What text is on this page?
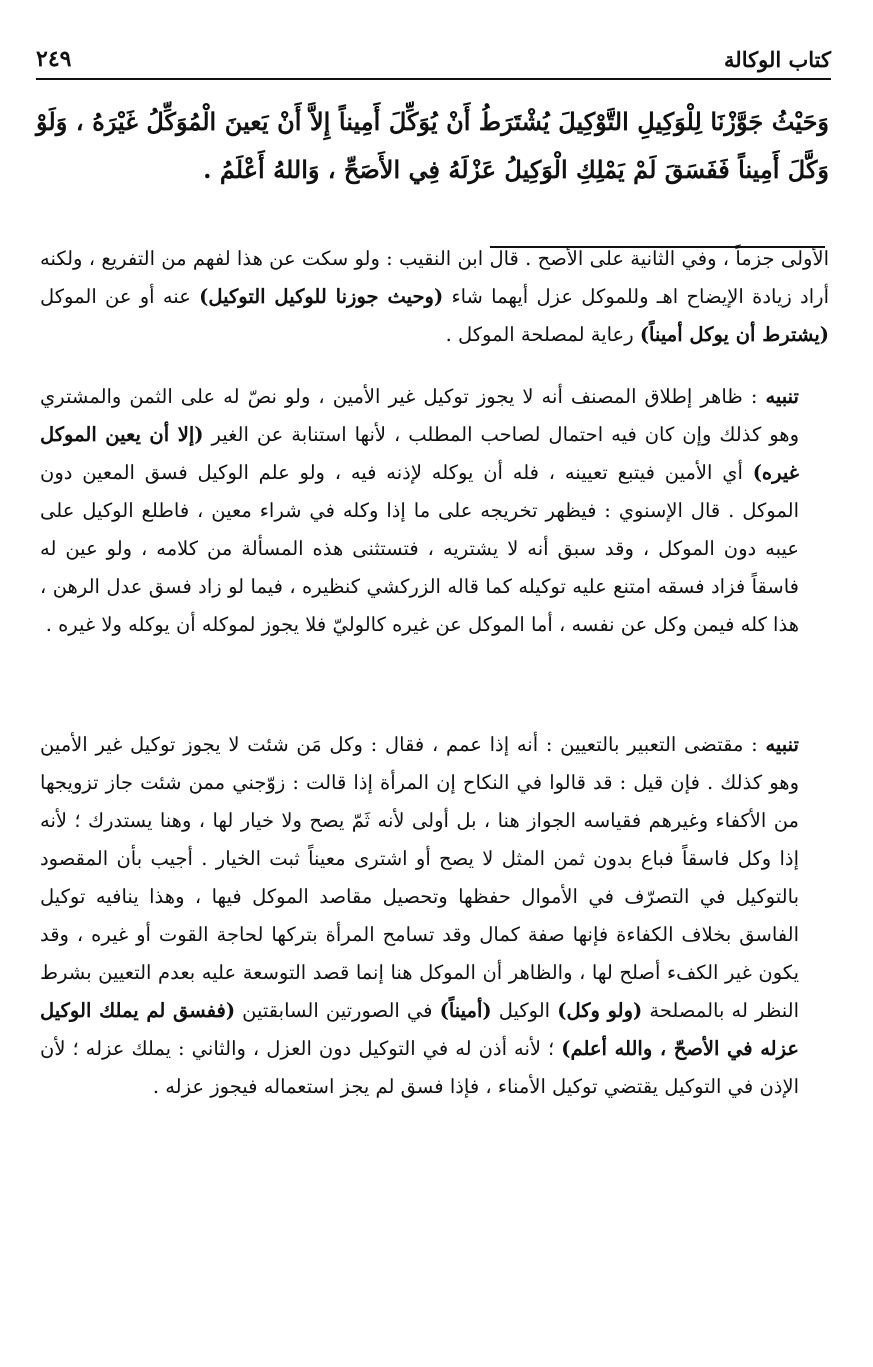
كتاب الوكالة
٢٤٩
وَحَيْثُ جَوَّزْنَا لِلْوَكِيلِ التَّوْكِيلَ يُشْتَرَطُ أَنْ يُوَكِّلَ أَمِيناً إِلاَّ أَنْ يَعينَ الْمُوَكِّلُ غَيْرَهُ ، وَلَوْ وَكَّلَ أَمِيناً فَفَسَقَ لَمْ يَمْلِكِ الْوَكِيلُ عَزْلَهُ فِي الأَصَحِّ ، وَاللهُ أَعْلَمُ .

الأولى جزماً ، وفي الثانية على الأصح . قال ابن النقيب : ولو سكت عن هذا لفهم من التفريع ، ولكنه أراد زيادة الإيضاح اهـ وللموكل عزل أيهما شاء (وحيث جوزنا للوكيل التوكيل) عنه أو عن الموكل (يشترط أن يوكل أميناً) رعاية لمصلحة الموكل .

تنبيه : ظاهر إطلاق المصنف أنه لا يجوز توكيل غير الأمين ، ولو نصّ له على الثمن والمشتري وهو كذلك وإن كان فيه احتمال لصاحب المطلب ، لأنها استنابة عن الغير (إلا أن يعين الموكل غيره) أي الأمين فيتبع تعيينه ، فله أن يوكله لإذنه فيه ، ولو علم الوكيل فسق المعين دون الموكل . قال الإسنوي : فيظهر تخريجه على ما إذا وكله في شراء معين ، فاطلع الوكيل على عيبه دون الموكل ، وقد سبق أنه لا يشتريه ، فتستثنى هذه المسألة من كلامه ، ولو عين له فاسقاً فزاد فسقه امتنع عليه توكيله كما قاله الزركشي كنظيره ، فيما لو زاد فسق عدل الرهن ، هذا كله فيمن وكل عن نفسه ، أما الموكل عن غيره كالوليّ فلا يجوز لموكله أن يوكله ولا غيره .

تنبيه : مقتضى التعبير بالتعيين : أنه إذا عمم ، فقال : وكل مَن شئت لا يجوز توكيل غير الأمين وهو كذلك . فإن قيل : قد قالوا في النكاح إن المرأة إذا قالت : زوّجني ممن شئت جاز تزويجها من الأكفاء وغيرهم فقياسه الجواز هنا ، بل أولى لأنه ثَمّ يصح ولا خيار لها ، وهنا يستدرك ؛ لأنه إذا وكل فاسقاً فباع بدون ثمن المثل لا يصح أو اشترى معيناً ثبت الخيار . أجيب بأن المقصود بالتوكيل في التصرّف في الأموال حفظها وتحصيل مقاصد الموكل فيها ، وهذا ينافيه توكيل الفاسق بخلاف الكفاءة فإنها صفة كمال وقد تسامح المرأة بتركها لحاجة القوت أو غيره ، وقد يكون غير الكفء أصلح لها ، والظاهر أن الموكل هنا إنما قصد التوسعة عليه بعدم التعيين بشرط النظر له بالمصلحة (ولو وكل) الوكيل (أميناً) في الصورتين السابقتين (ففسق لم يملك الوكيل عزله في الأصحّ ، والله أعلم) ؛ لأنه أذن له في التوكيل دون العزل ، والثاني : يملك عزله ؛ لأن الإذن في التوكيل يقتضي توكيل الأمناء ، فإذا فسق لم يجز استعماله فيجوز عزله .
